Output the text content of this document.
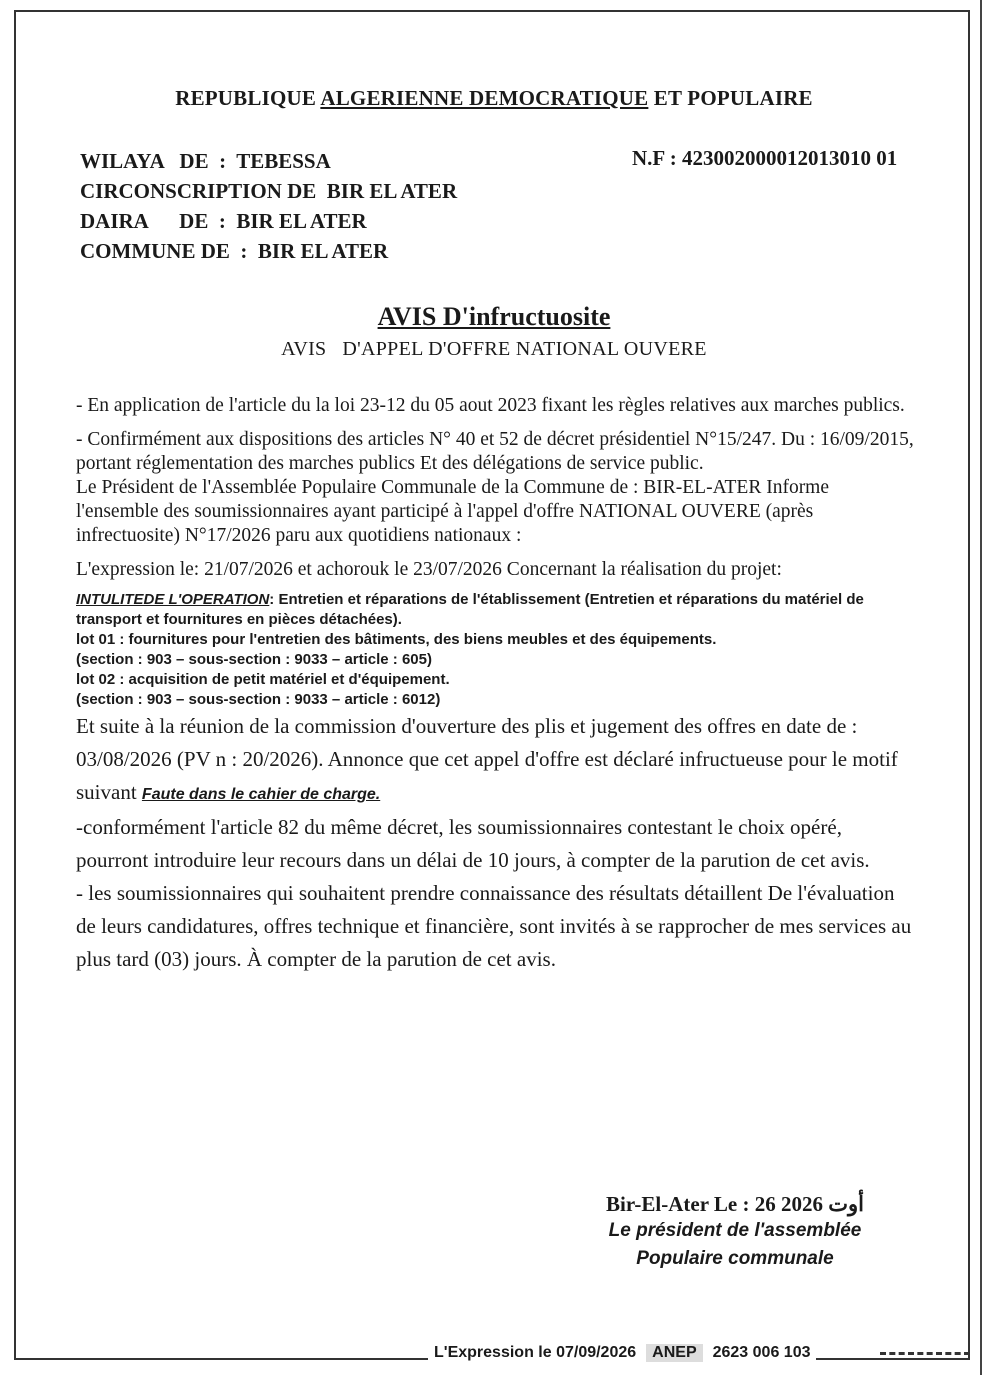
REPUBLIQUE ALGERIENNE DEMOCRATIQUE ET POPULAIRE
WILAYA   DE  :  TEBESSA
CIRCONSCRIPTION DE  BIR EL ATER
DAIRA      DE  :  BIR EL ATER
COMMUNE DE  :  BIR EL ATER
N.F : 423002000012013010 01
AVIS D'infructuosite
AVIS   D'APPEL D'OFFRE NATIONAL OUVERE

- En application de l'article du la loi 23-12 du 05 aout 2023 fixant les règles relatives aux marches publics.

- Confirmément aux dispositions des articles N° 40 et 52 de décret présidentiel N°15/247. Du : 16/09/2015, portant réglementation des marches publics Et des délégations de service public.

Le Président de l'Assemblée Populaire Communale de la Commune de : BIR-EL-ATER Informe l'ensemble des soumissionnaires ayant participé à l'appel d'offre NATIONAL OUVERE (après infrectuosite) N°17/2026 paru aux quotidiens nationaux :

L'expression le: 21/07/2026 et achorouk le 23/07/2026 Concernant la réalisation du projet:

INTULITEDE L'OPERATION: Entretien et réparations de l'établissement (Entretien et réparations du matériel de transport et fournitures en pièces détachées).
lot 01 : fournitures pour l'entretien des bâtiments, des biens meubles et des équipements.
(section : 903 – sous-section : 9033 – article : 605)
lot 02 : acquisition de petit matériel et d'équipement.
(section : 903 – sous-section : 9033 – article : 6012)

Et suite à la réunion de la commission d'ouverture des plis et jugement des offres en date de : 03/08/2026 (PV n : 20/2026). Annonce que cet appel d'offre est déclaré infructueuse pour le motif suivant Faute dans le cahier de charge.

-conformément l'article 82 du même décret, les soumissionnaires contestant le choix opéré, pourront introduire leur recours dans un délai de 10 jours, à compter de la parution de cet avis.

- les soumissionnaires qui souhaitent prendre connaissance des résultats détaillent De l'évaluation de leurs candidatures, offres technique et financière, sont invités à se rapprocher de mes services au plus tard (03) jours. À compter de la parution de cet avis.

Bir-El-Ater Le : 26 أوت 2026
Le président de l'assemblée
Populaire communale
L'Expression le 07/09/2026	ANEP	2623 006 103
